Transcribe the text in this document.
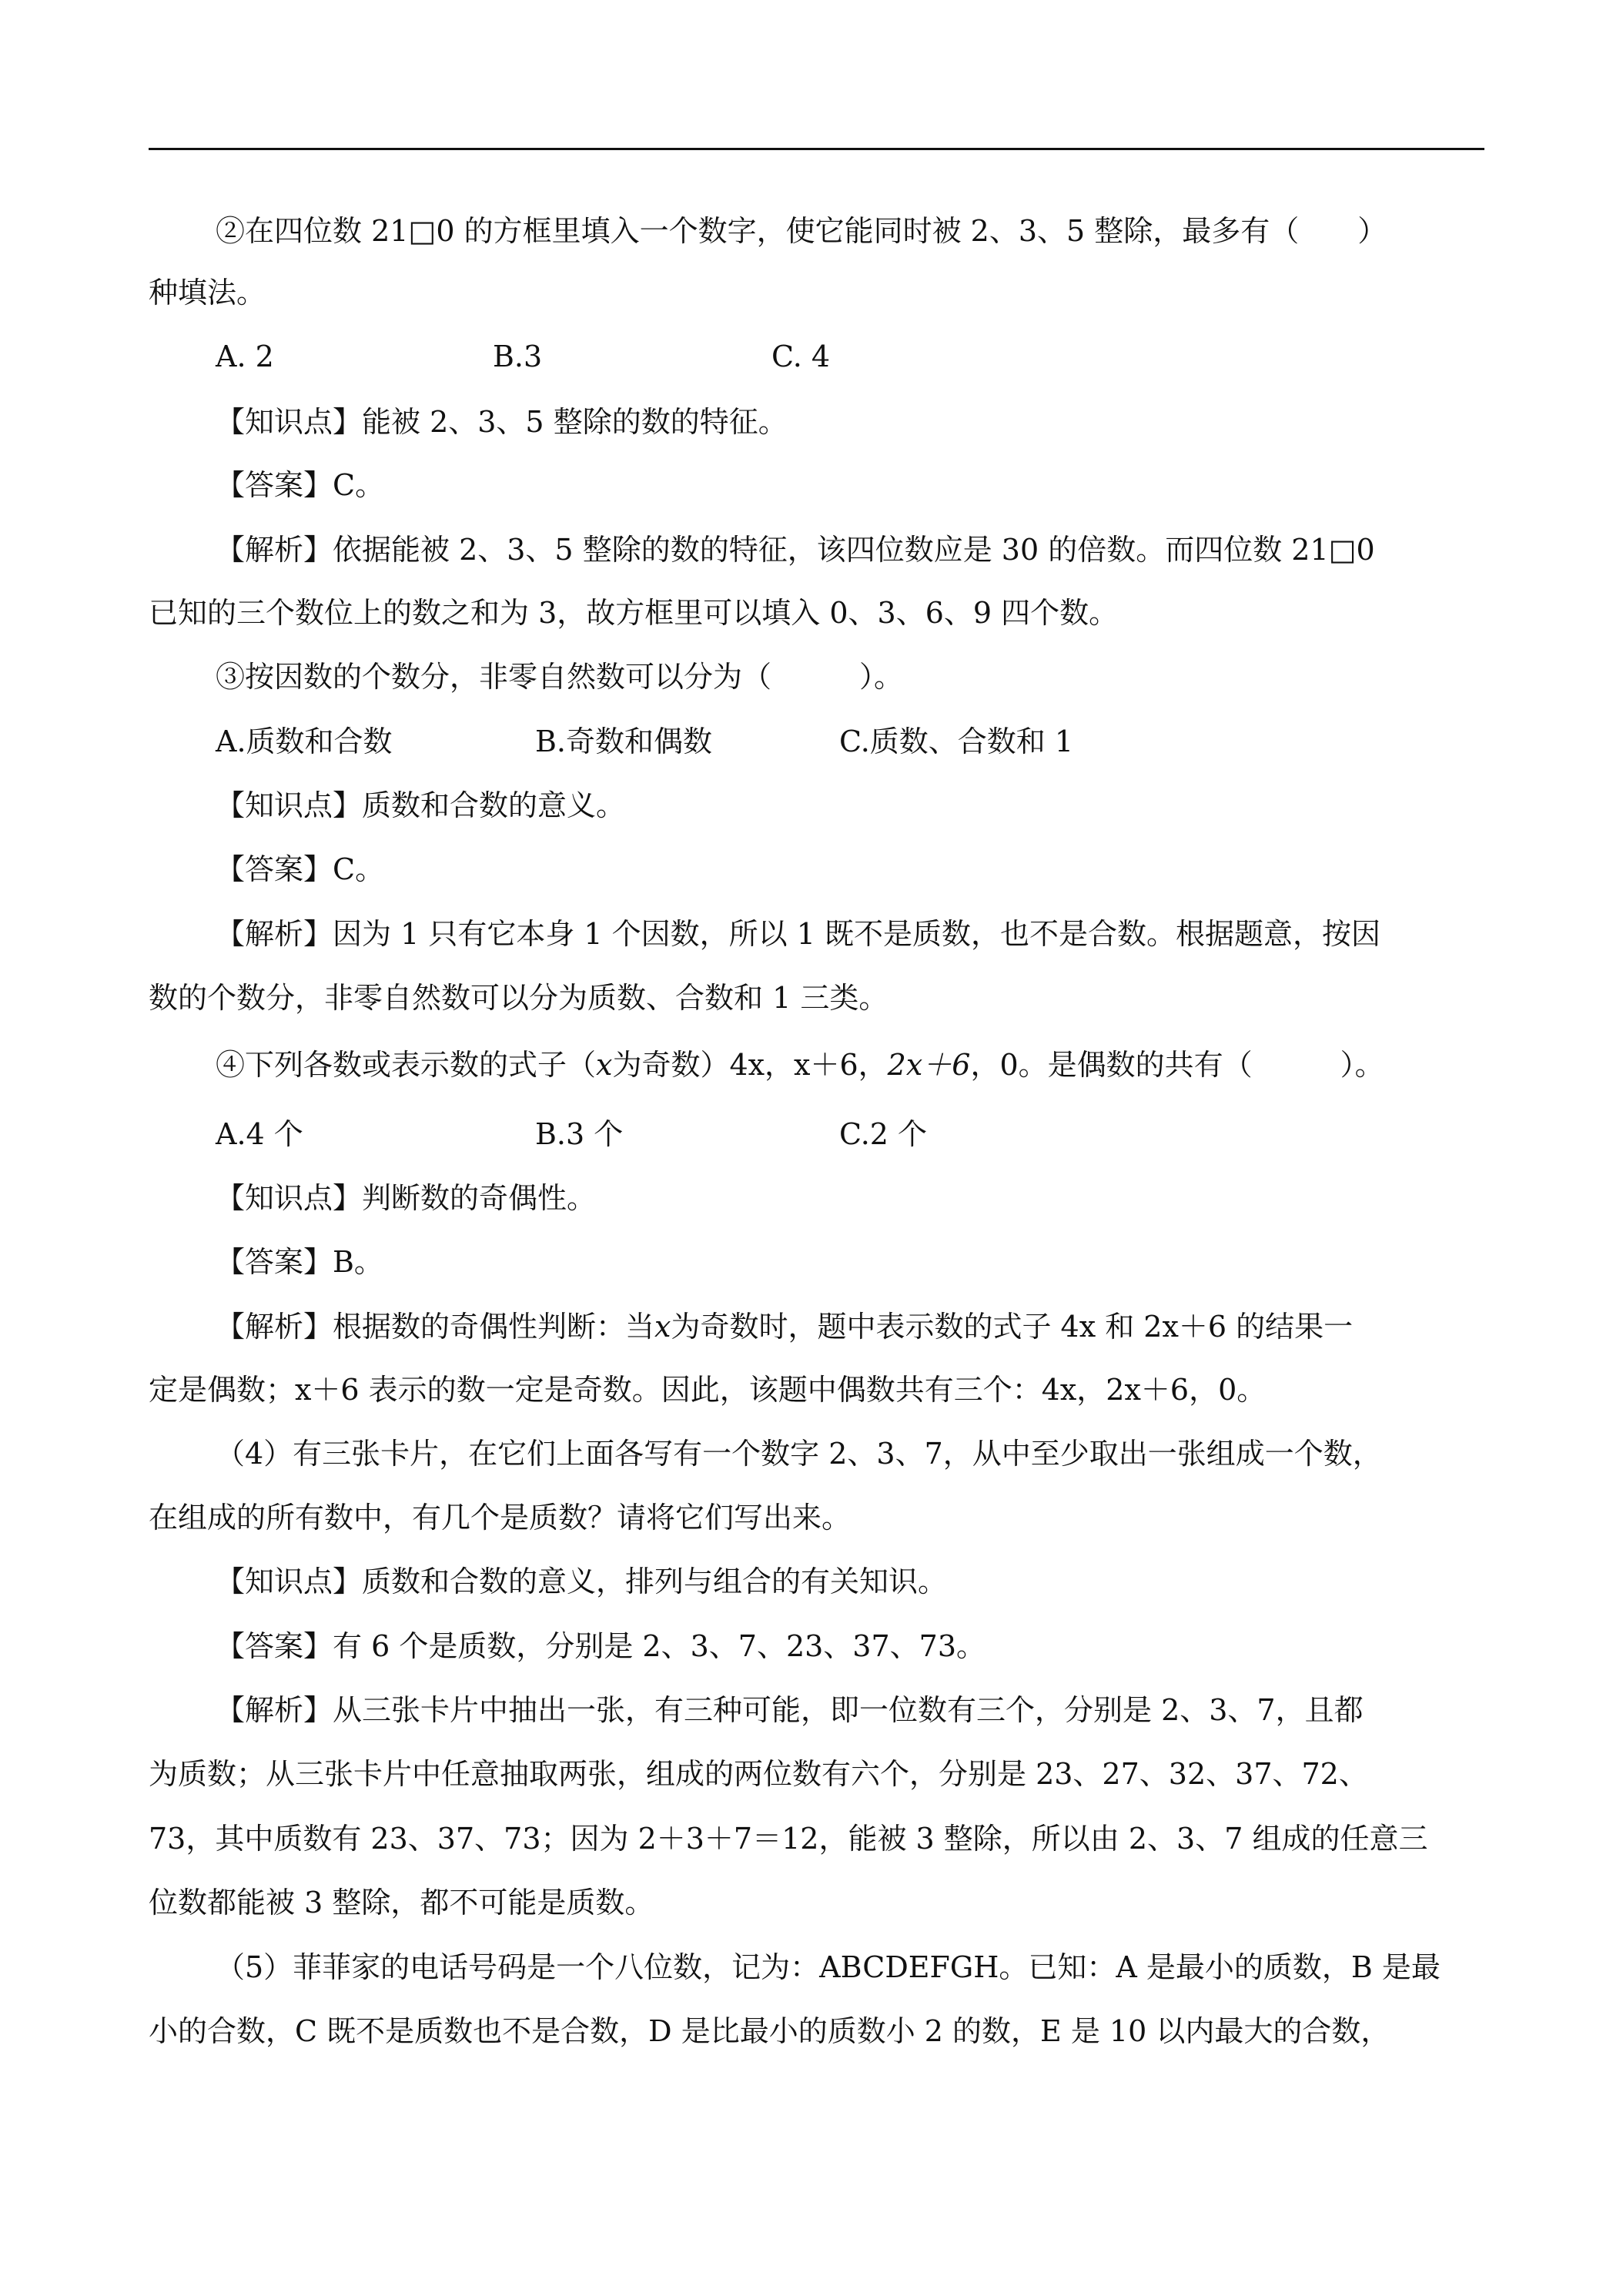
②在四位数 21□0 的方框里填入一个数字，使它能同时被 2、3、5 整除，最多有（　　）
种填法。
A. 2	B.3	C. 4
【知识点】能被 2、3、5 整除的数的特征。
【答案】C。
【解析】依据能被 2、3、5 整除的数的特征，该四位数应是 30 的倍数。而四位数 21□0
已知的三个数位上的数之和为 3，故方框里可以填入 0、3、6、9 四个数。
③按因数的个数分，非零自然数可以分为（　　　）。
A.质数和合数	B.奇数和偶数	C.质数、合数和 1
【知识点】质数和合数的意义。
【答案】C。
【解析】因为 1 只有它本身 1 个因数，所以 1 既不是质数，也不是合数。根据题意，按因
数的个数分，非零自然数可以分为质数、合数和 1 三类。
④下列各数或表示数的式子（x为奇数）4x，x＋6，2x＋6，0。是偶数的共有（　　　）。
A.4 个	B.3 个	C.2 个
【知识点】判断数的奇偶性。
【答案】B。
【解析】根据数的奇偶性判断：当x为奇数时，题中表示数的式子 4x 和 2x＋6 的结果一
定是偶数；x＋6 表示的数一定是奇数。因此，该题中偶数共有三个：4x，2x＋6，0。
（4）有三张卡片，在它们上面各写有一个数字 2、3、7，从中至少取出一张组成一个数，
在组成的所有数中，有几个是质数？请将它们写出来。
【知识点】质数和合数的意义，排列与组合的有关知识。
【答案】有 6 个是质数，分别是 2、3、7、23、37、73。
【解析】从三张卡片中抽出一张，有三种可能，即一位数有三个，分别是 2、3、7，且都
为质数；从三张卡片中任意抽取两张，组成的两位数有六个，分别是 23、27、32、37、72、
73，其中质数有 23、37、73；因为 2＋3＋7＝12，能被 3 整除，所以由 2、3、7 组成的任意三
位数都能被 3 整除，都不可能是质数。
（5）菲菲家的电话号码是一个八位数，记为：ABCDEFGH。已知：A 是最小的质数，B 是最
小的合数，C 既不是质数也不是合数，D 是比最小的质数小 2 的数，E 是 10 以内最大的合数，
